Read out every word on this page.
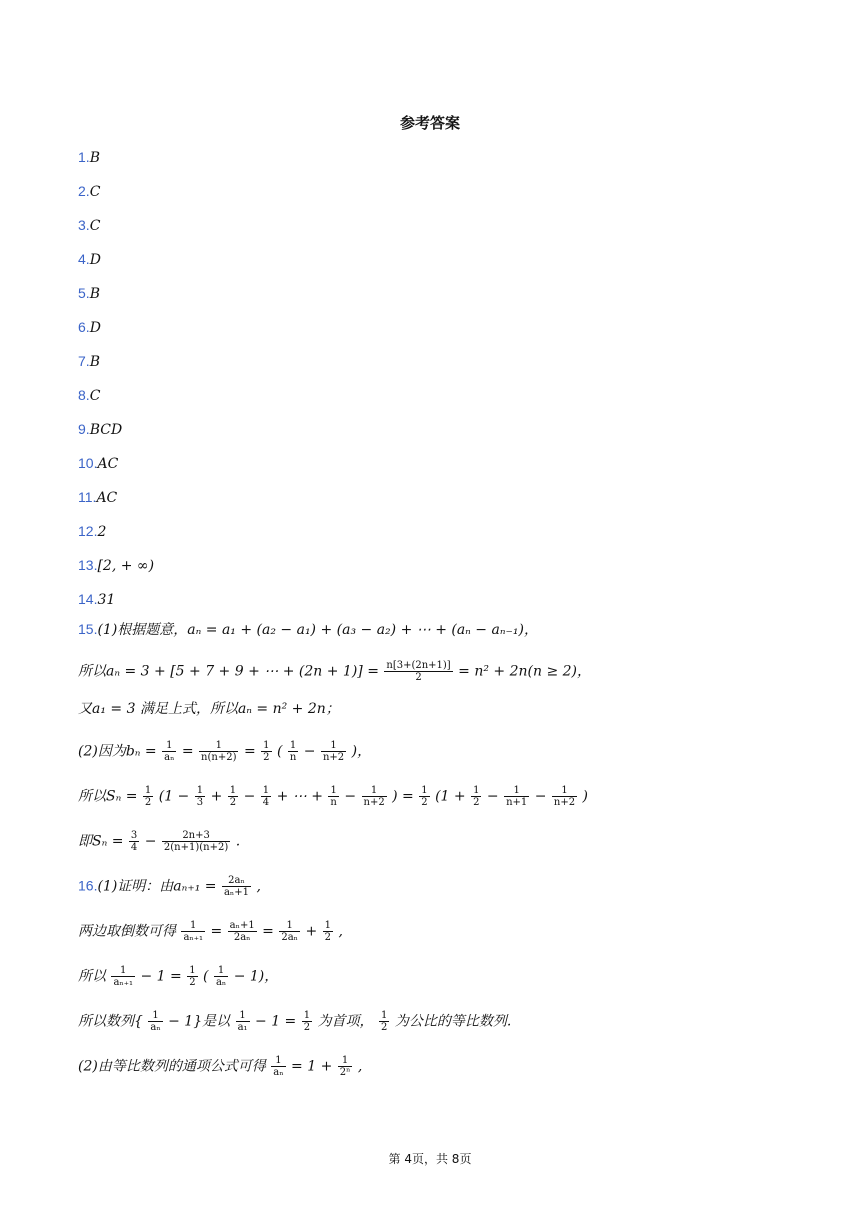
参考答案
1.B
2.C
3.C
4.D
5.B
6.D
7.B
8.C
9.BCD
10.AC
11.AC
12.2
13.[2, + ∞)
14.31
15.(1)根据题意，aₙ = a₁ + (a₂ − a₁) + (a₃ − a₂) + ⋯ + (aₙ − aₙ₋₁)，
所以aₙ = 3 + [5 + 7 + 9 + ⋯ + $(2n + 1)] = \frac{n[3+(2n+1)]}{2} = n^2 + 2n(n \ge 2)$，
又a₁ = 3 满足上式，所以aₙ = n² + 2n；
(2)因为$b_n = \frac{1}{\text{aₙ}} = \frac{1}{n(n+2)} = \frac{1}{2}$ ( $\frac{1}{n} - \frac{1}{n+2}$ )，
所以$S_n = \frac{1}{2} (1 - \frac{1}{3} + \frac{1}{2} - \frac{1}{4}$ + ⋯ + $\frac{1}{n} - \frac{1}{n+2}$ ) = $\frac{1}{2} (1 + \frac{1}{2} - \frac{1}{n+1} - \frac{1}{n+2}$ )
即$S_n = \frac{3}{4} - \frac{2n+3}{2(n+1)(n+2)}$ .
16.(1)证明：由$a_{n+1} = \frac{\text{2aₙ}}{\text{aₙ+1}}$ ,
两边取倒数可得 $\frac{1}{\text{aₙ₊₁}} = \frac{\text{aₙ+1}}{\text{2aₙ}} = \frac{1}{\text{2aₙ}} + \frac{1}{2}$ ,
所以 $\frac{1}{\text{aₙ₊₁}} - 1 = \frac{1}{2}$ ( $\frac{1}{\text{aₙ}} - 1$)，
所以数列{ $\frac{1}{\text{aₙ}} - 1$}是以 $\frac{1}{\text{a₁}} - 1 = \frac{1}{2}$ 为首项， $\frac{1}{2}$ 为公比的等比数列.
(2)由等比数列的通项公式可得 $\frac{1}{\text{aₙ}} = 1 + \frac{1}{\text{2ⁿ}}$ ,
第 4页，共 8页
